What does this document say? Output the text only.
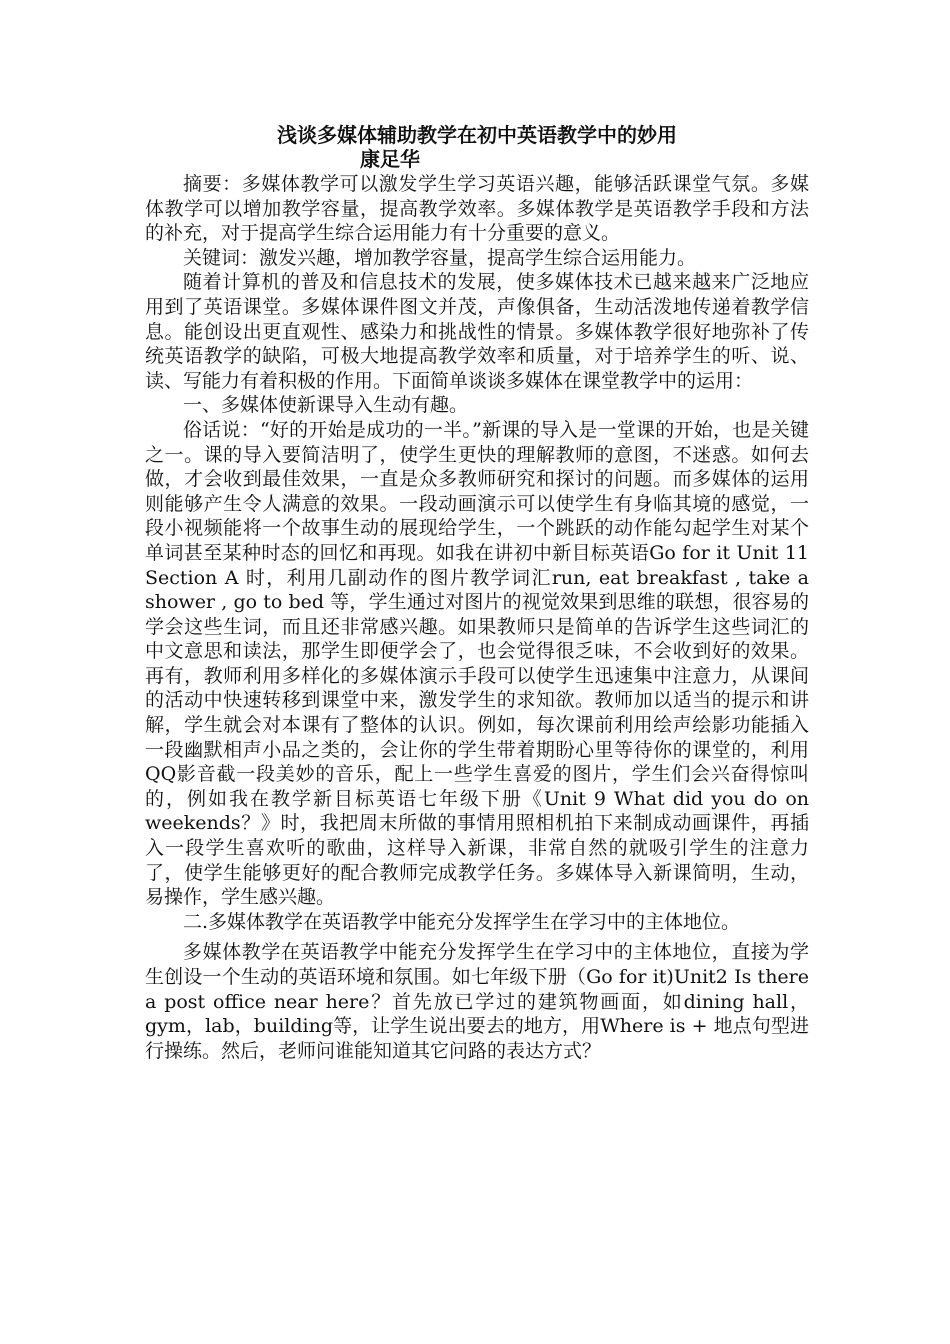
浅谈多媒体辅助教学在初中英语教学中的妙用
康足华

摘要：多媒体教学可以激发学生学习英语兴趣，能够活跃课堂气氛。多媒体教学可以增加教学容量，提高教学效率。多媒体教学是英语教学手段和方法的补充，对于提高学生综合运用能力有十分重要的意义。

关键词：激发兴趣，增加教学容量，提高学生综合运用能力。

随着计算机的普及和信息技术的发展，使多媒体技术已越来越来广泛地应用到了英语课堂。多媒体课件图文并茂，声像俱备，生动活泼地传递着教学信息。能创设出更直观性、感染力和挑战性的情景。多媒体教学很好地弥补了传统英语教学的缺陷，可极大地提高教学效率和质量，对于培养学生的听、说、读、写能力有着积极的作用。下面简单谈谈多媒体在课堂教学中的运用：

一、多媒体使新课导入生动有趣。

俗话说：“好的开始是成功的一半。”新课的导入是一堂课的开始，也是关键之一。课的导入要简洁明了，使学生更快的理解教师的意图，不迷惑。如何去做，才会收到最佳效果，一直是众多教师研究和探讨的问题。而多媒体的运用则能够产生令人满意的效果。一段动画演示可以使学生有身临其境的感觉，一段小视频能将一个故事生动的展现给学生，一个跳跃的动作能勾起学生对某个单词甚至某种时态的回忆和再现。如我在讲初中新目标英语Go for it Unit 11 Section A 时，利用几副动作的图片教学词汇run, eat breakfast , take a shower , go to bed 等，学生通过对图片的视觉效果到思维的联想，很容易的学会这些生词，而且还非常感兴趣。如果教师只是简单的告诉学生这些词汇的中文意思和读法，那学生即便学会了，也会觉得很乏味，不会收到好的效果。再有，教师利用多样化的多媒体演示手段可以使学生迅速集中注意力，从课间的活动中快速转移到课堂中来，激发学生的求知欲。教师加以适当的提示和讲解，学生就会对本课有了整体的认识。例如，每次课前利用绘声绘影功能插入一段幽默相声小品之类的，会让你的学生带着期盼心里等待你的课堂的，利用QQ影音截一段美妙的音乐，配上一些学生喜爱的图片，学生们会兴奋得惊叫的，例如我在教学新目标英语七年级下册《Unit 9 What did you do on weekends？》时，我把周末所做的事情用照相机拍下来制成动画课件，再插入一段学生喜欢听的歌曲，这样导入新课，非常自然的就吸引学生的注意力了，使学生能够更好的配合教师完成教学任务。多媒体导入新课简明，生动，易操作，学生感兴趣。

二.多媒体教学在英语教学中能充分发挥学生在学习中的主体地位。

多媒体教学在英语教学中能充分发挥学生在学习中的主体地位，直接为学生创设一个生动的英语环境和氛围。如七年级下册（Go for it)Unit2 Is there a post office near here？首先放已学过的建筑物画面，如dining hall，gym，lab，building等，让学生说出要去的地方，用Where is + 地点句型进行操练。然后，老师问谁能知道其它问路的表达方式？
